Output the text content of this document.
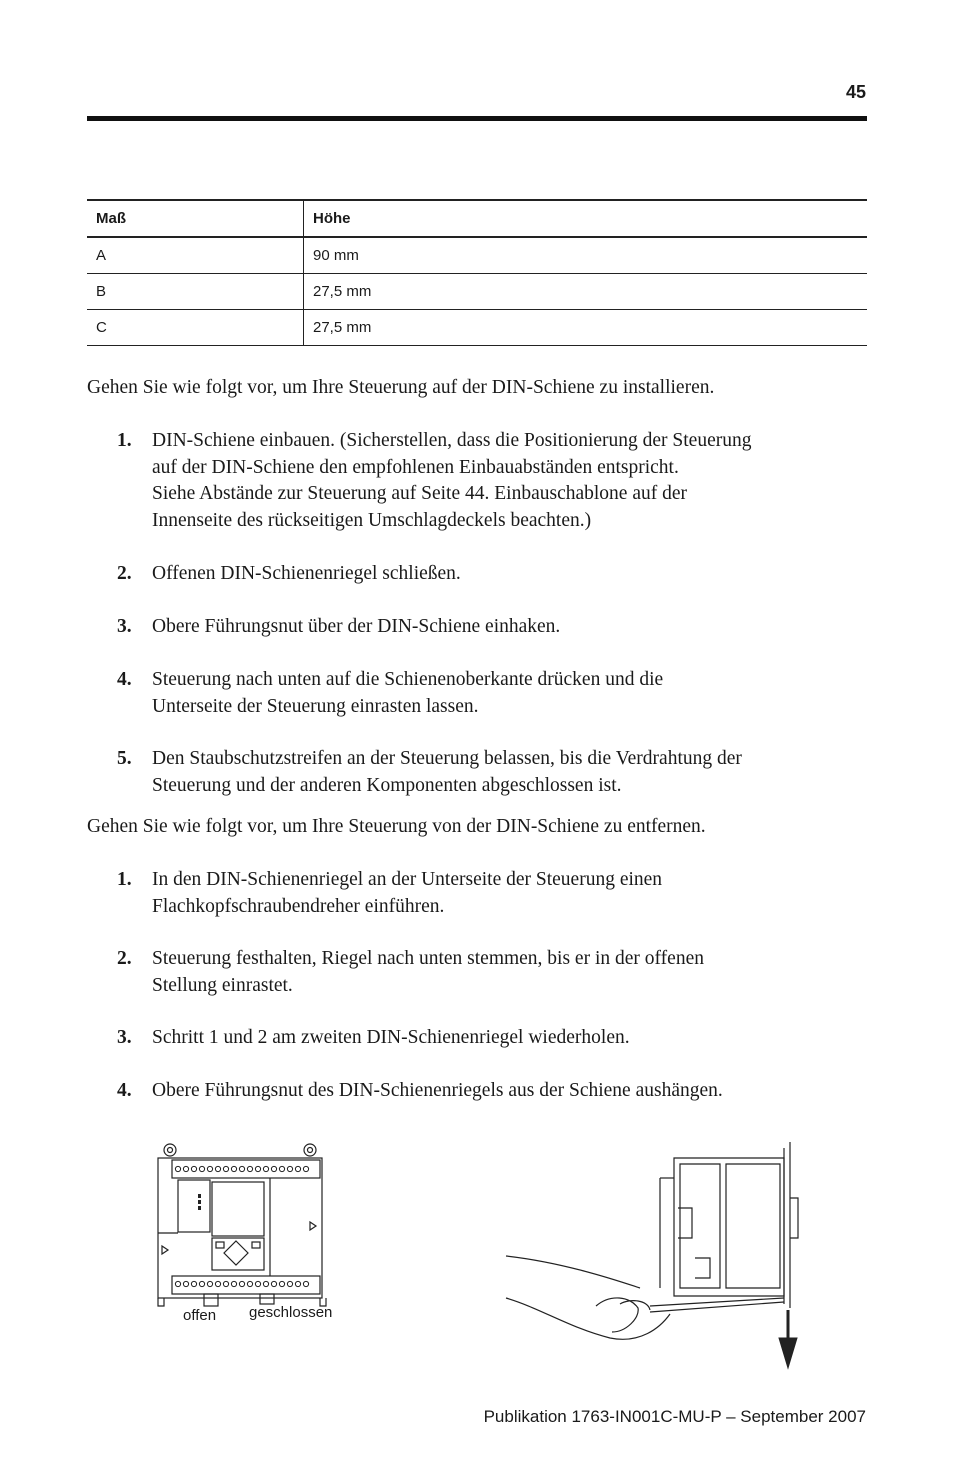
45
Maß	Höhe
A	90 mm
B	27,5 mm
C	27,5 mm

Gehen Sie wie folgt vor, um Ihre Steuerung auf der DIN-Schiene zu installieren.

1. DIN-Schiene einbauen. (Sicherstellen, dass die Positionierung der Steuerung
auf der DIN-Schiene den empfohlenen Einbauabständen entspricht.
Siehe Abstände zur Steuerung auf Seite 44. Einbauschablone auf der
Innenseite des rückseitigen Umschlagdeckels beachten.)
2. Offenen DIN-Schienenriegel schließen.
3. Obere Führungsnut über der DIN-Schiene einhaken.
4. Steuerung nach unten auf die Schienenoberkante drücken und die
Unterseite der Steuerung einrasten lassen.
5. Den Staubschutzstreifen an der Steuerung belassen, bis die Verdrahtung der
Steuerung und der anderen Komponenten abgeschlossen ist.

Gehen Sie wie folgt vor, um Ihre Steuerung von der DIN-Schiene zu entfernen.

1. In den DIN-Schienenriegel an der Unterseite der Steuerung einen
Flachkopfschraubendreher einführen.
2. Steuerung festhalten, Riegel nach unten stemmen, bis er in der offenen
Stellung einrastet.
3. Schritt 1 und 2 am zweiten DIN-Schienenriegel wiederholen.
4. Obere Führungsnut des DIN-Schienenriegels aus der Schiene aushängen.
offen geschlossen
Publikation 1763-IN001C-MU-P – September 2007
